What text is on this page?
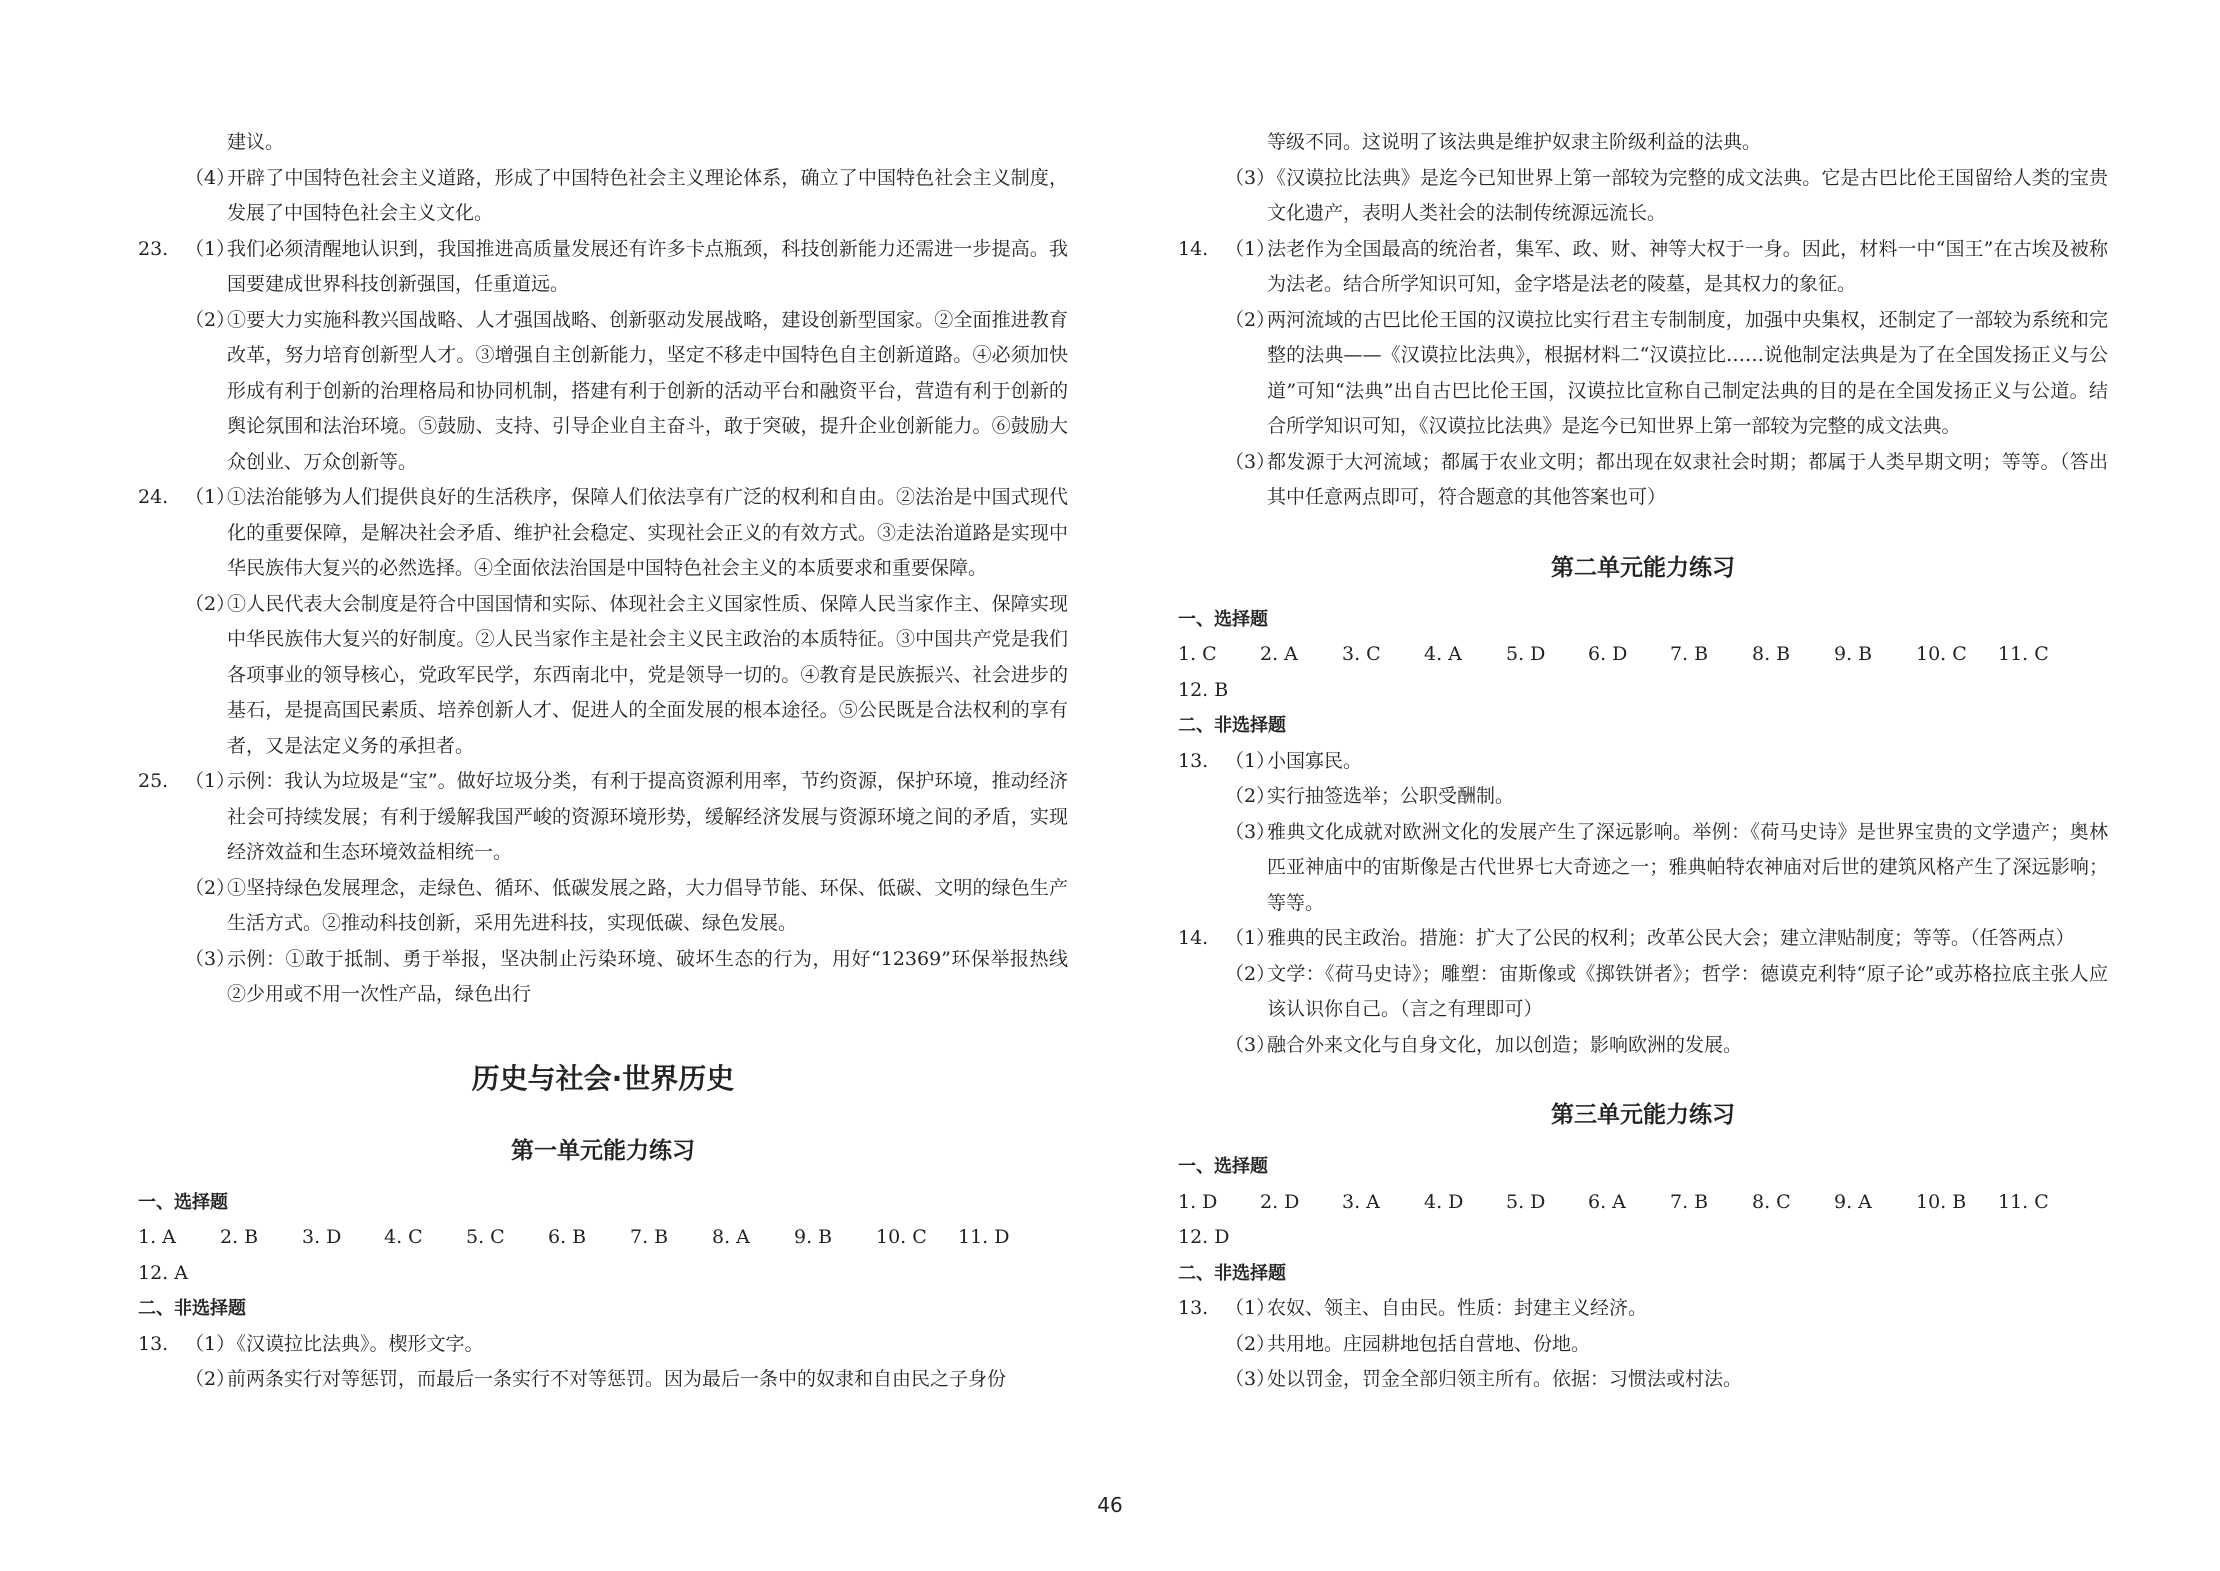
建议。
（4）
开辟了中国特色社会主义道路，形成了中国特色社会主义理论体系，确立了中国特色社会主义制度，发展了中国特色社会主义文化。
23. （1）
我们必须清醒地认识到，我国推进高质量发展还有许多卡点瓶颈，科技创新能力还需进一步提高。我国要建成世界科技创新强国，任重道远。
（2）
①要大力实施科教兴国战略、人才强国战略、创新驱动发展战略，建设创新型国家。②全面推进教育改革，努力培育创新型人才。③增强自主创新能力，坚定不移走中国特色自主创新道路。④必须加快形成有利于创新的治理格局和协同机制，搭建有利于创新的活动平台和融资平台，营造有利于创新的舆论氛围和法治环境。⑤鼓励、支持、引导企业自主奋斗，敢于突破，提升企业创新能力。⑥鼓励大众创业、万众创新等。
24. （1）
①法治能够为人们提供良好的生活秩序，保障人们依法享有广泛的权利和自由。②法治是中国式现代化的重要保障，是解决社会矛盾、维护社会稳定、实现社会正义的有效方式。③走法治道路是实现中华民族伟大复兴的必然选择。④全面依法治国是中国特色社会主义的本质要求和重要保障。
（2）
①人民代表大会制度是符合中国国情和实际、体现社会主义国家性质、保障人民当家作主、保障实现中华民族伟大复兴的好制度。②人民当家作主是社会主义民主政治的本质特征。③中国共产党是我们各项事业的领导核心，党政军民学，东西南北中，党是领导一切的。④教育是民族振兴、社会进步的基石，是提高国民素质、培养创新人才、促进人的全面发展的根本途径。⑤公民既是合法权利的享有者，又是法定义务的承担者。
25. （1）
示例：我认为垃圾是“宝”。做好垃圾分类，有利于提高资源利用率，节约资源，保护环境，推动经济社会可持续发展；有利于缓解我国严峻的资源环境形势，缓解经济发展与资源环境之间的矛盾，实现经济效益和生态环境效益相统一。
（2）
①坚持绿色发展理念，走绿色、循环、低碳发展之路，大力倡导节能、环保、低碳、文明的绿色生产生活方式。②推动科技创新，采用先进科技，实现低碳、绿色发展。
（3）
示例：①敢于抵制、勇于举报，坚决制止污染环境、破坏生态的行为，用好“12369”环保举报热线　②少用或不用一次性产品，绿色出行
历史与社会·世界历史
第一单元能力练习
一、选择题
1. A	2. B	3. D	4. C	5. C	6. B	7. B	8. A	9. B	10. C	11. D
12. A
二、非选择题
13. （1）
《汉谟拉比法典》。楔形文字。
（2）
前两条实行对等惩罚，而最后一条实行不对等惩罚。因为最后一条中的奴隶和自由民之子身份
等级不同。这说明了该法典是维护奴隶主阶级利益的法典。
（3）
《汉谟拉比法典》是迄今已知世界上第一部较为完整的成文法典。它是古巴比伦王国留给人类的宝贵文化遗产，表明人类社会的法制传统源远流长。
14. （1）
法老作为全国最高的统治者，集军、政、财、神等大权于一身。因此，材料一中“国王”在古埃及被称为法老。结合所学知识可知，金字塔是法老的陵墓，是其权力的象征。
（2）
两河流域的古巴比伦王国的汉谟拉比实行君主专制制度，加强中央集权，还制定了一部较为系统和完整的法典——《汉谟拉比法典》，根据材料二“汉谟拉比……说他制定法典是为了在全国发扬正义与公道”可知“法典”出自古巴比伦王国，汉谟拉比宣称自己制定法典的目的是在全国发扬正义与公道。结合所学知识可知，《汉谟拉比法典》是迄今已知世界上第一部较为完整的成文法典。
（3）
都发源于大河流域；都属于农业文明；都出现在奴隶社会时期；都属于人类早期文明；等等。（答出其中任意两点即可，符合题意的其他答案也可）
第二单元能力练习
一、选择题
1. C	2. A	3. C	4. A	5. D	6. D	7. B	8. B	9. B	10. C	11. C
12. B
二、非选择题
13. （1）
小国寡民。
（2）
实行抽签选举；公职受酬制。
（3）
雅典文化成就对欧洲文化的发展产生了深远影响。举例：《荷马史诗》是世界宝贵的文学遗产；奥林匹亚神庙中的宙斯像是古代世界七大奇迹之一；雅典帕特农神庙对后世的建筑风格产生了深远影响；等等。
14. （1）
雅典的民主政治。措施：扩大了公民的权利；改革公民大会；建立津贴制度；等等。（任答两点）
（2）
文学：《荷马史诗》；雕塑：宙斯像或《掷铁饼者》；哲学：德谟克利特“原子论”或苏格拉底主张人应该认识你自己。（言之有理即可）
（3）
融合外来文化与自身文化，加以创造；影响欧洲的发展。
第三单元能力练习
一、选择题
1. D	2. D	3. A	4. D	5. D	6. A	7. B	8. C	9. A	10. B	11. C
12. D
二、非选择题
13. （1）
农奴、领主、自由民。性质：封建主义经济。
（2）
共用地。庄园耕地包括自营地、份地。
（3）
处以罚金，罚金全部归领主所有。依据：习惯法或村法。
46
